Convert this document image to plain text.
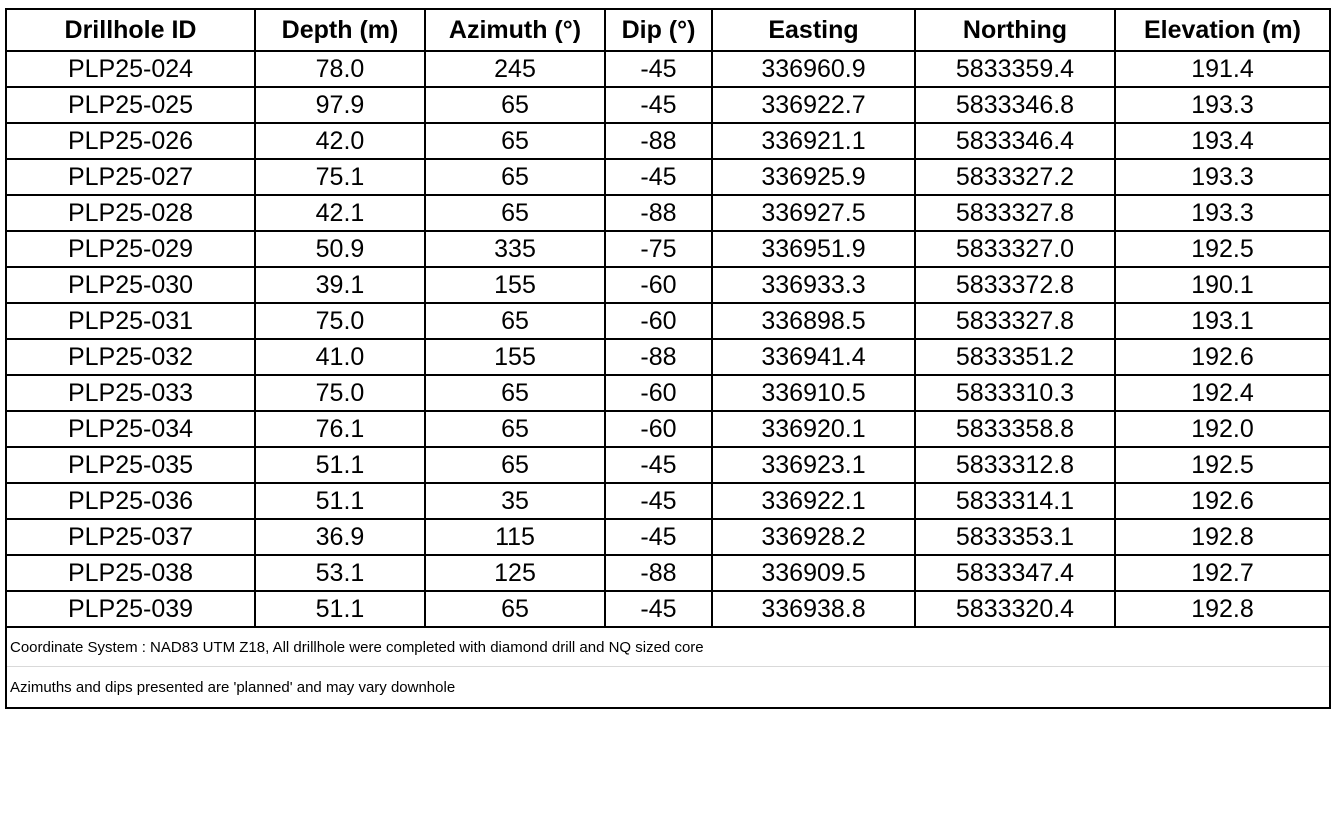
Drillhole ID	Depth (m)	Azimuth (°)	Dip (°)	Easting	Northing	Elevation (m)
PLP25-024	78.0	245	-45	336960.9	5833359.4	191.4
PLP25-025	97.9	65	-45	336922.7	5833346.8	193.3
PLP25-026	42.0	65	-88	336921.1	5833346.4	193.4
PLP25-027	75.1	65	-45	336925.9	5833327.2	193.3
PLP25-028	42.1	65	-88	336927.5	5833327.8	193.3
PLP25-029	50.9	335	-75	336951.9	5833327.0	192.5
PLP25-030	39.1	155	-60	336933.3	5833372.8	190.1
PLP25-031	75.0	65	-60	336898.5	5833327.8	193.1
PLP25-032	41.0	155	-88	336941.4	5833351.2	192.6
PLP25-033	75.0	65	-60	336910.5	5833310.3	192.4
PLP25-034	76.1	65	-60	336920.1	5833358.8	192.0
PLP25-035	51.1	65	-45	336923.1	5833312.8	192.5
PLP25-036	51.1	35	-45	336922.1	5833314.1	192.6
PLP25-037	36.9	115	-45	336928.2	5833353.1	192.8
PLP25-038	53.1	125	-88	336909.5	5833347.4	192.7
PLP25-039	51.1	65	-45	336938.8	5833320.4	192.8
Coordinate System : NAD83 UTM Z18, All drillhole were completed with diamond drill and NQ sized core						
Azimuths and dips presented are 'planned' and may vary downhole						
